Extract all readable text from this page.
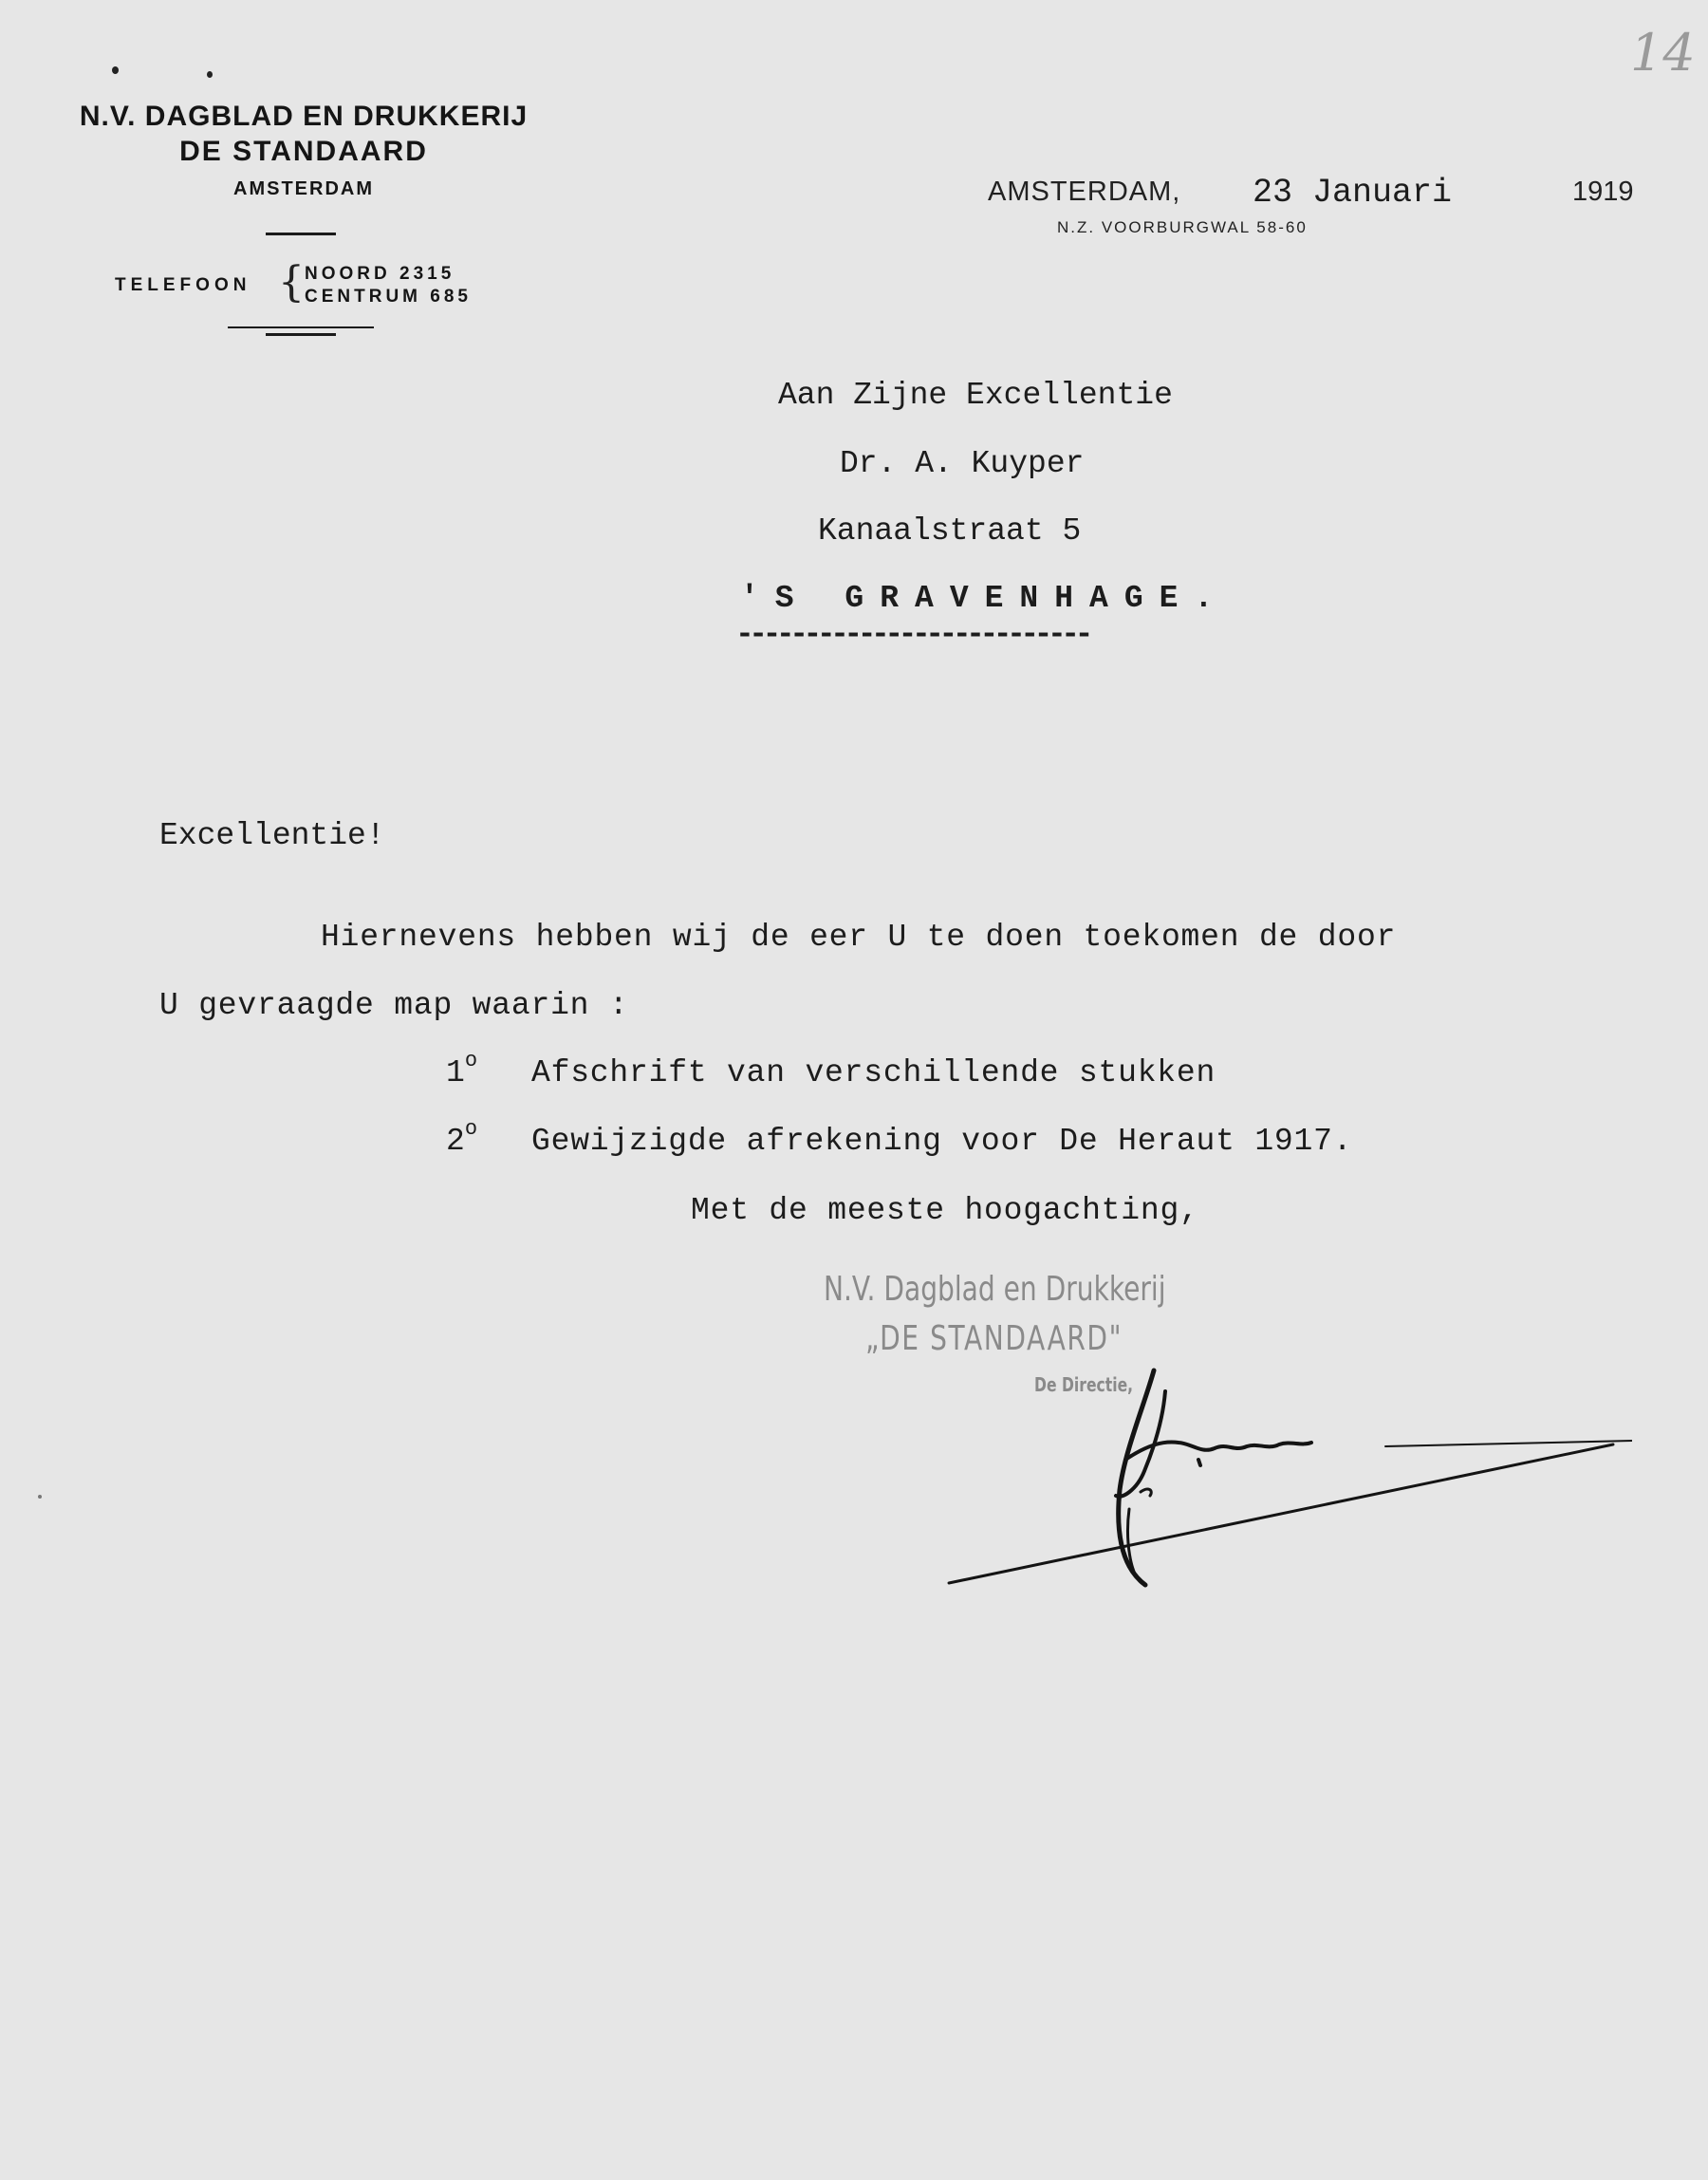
14
N.V. DAGBLAD EN DRUKKERIJ
DE STANDAARD
AMSTERDAM
TELEFOON { NOORD 2315
CENTRUM 685
AMSTERDAM, 23 Januari	1919
N.Z. VOORBURGWAL 58-60
Aan Zijne Excellentie
Dr. A. Kuyper
Kanaalstraat 5
'S GRAVENHAGE.
--------------------------
Excellentie!
Hiernevens hebben wij de eer U te doen toekomen de door
U gevraagde map waarin :
1$^o$ Afschrift van verschillende stukken
2$^o$ Gewijzigde afrekening voor De Heraut 1917.
Met de meeste hoogachting,
N.V. Dagblad en Drukkerij
„DE STANDAARD"
De Directie,
